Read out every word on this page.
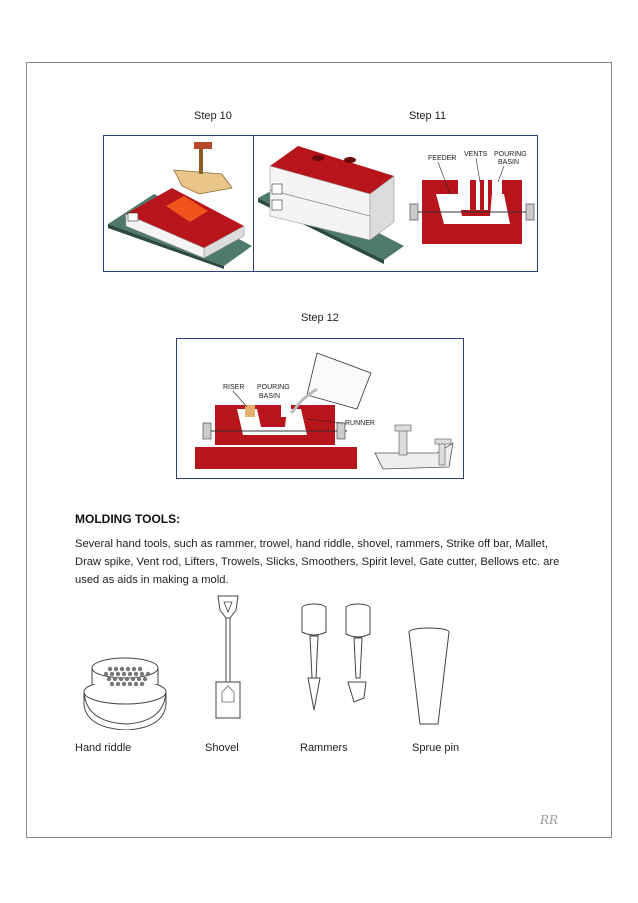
Step 10	Step 11
Step 12
FEEDER
VENTS POURING
BASIN
RISER POURING
BASIN
RUNNER
MOLDING TOOLS:
Several hand tools, such as rammer, trowel, hand riddle, shovel, rammers, Strike off bar, Mallet, Draw spike, Vent rod, Lifters, Trowels, Slicks, Smoothers, Spirit level, Gate cutter, Bellows etc. are used as aids in making a mold.
Hand riddle	Shovel	Rammers	Sprue pin
RR
